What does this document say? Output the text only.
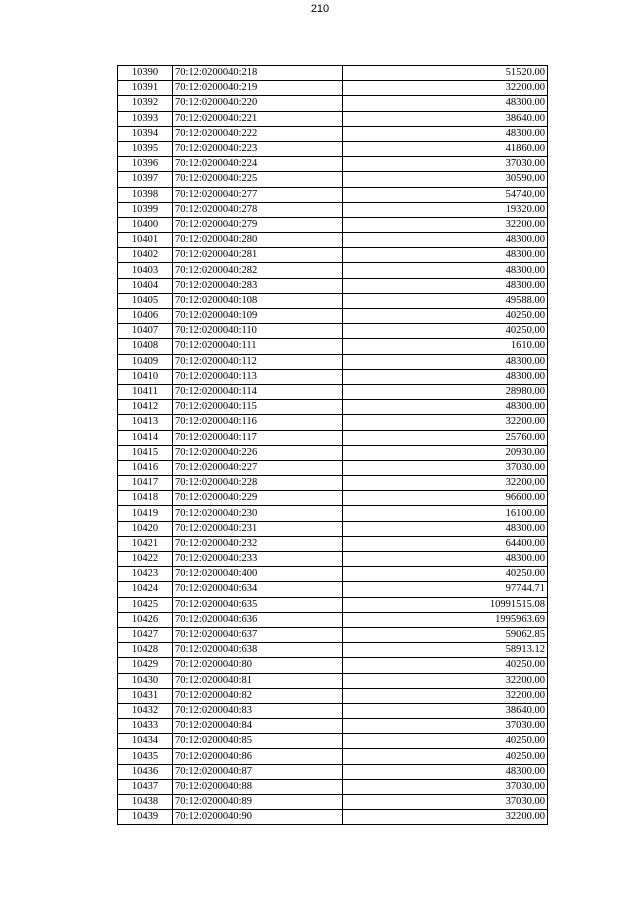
210
10390	70:12:0200040:218	51520.00
10391	70:12:0200040:219	32200.00
10392	70:12:0200040:220	48300.00
10393	70:12:0200040:221	38640.00
10394	70:12:0200040:222	48300.00
10395	70:12:0200040:223	41860.00
10396	70:12:0200040:224	37030.00
10397	70:12:0200040:225	30590.00
10398	70:12:0200040:277	54740.00
10399	70:12:0200040:278	19320.00
10400	70:12:0200040:279	32200.00
10401	70:12:0200040:280	48300.00
10402	70:12:0200040:281	48300.00
10403	70:12:0200040:282	48300.00
10404	70:12:0200040:283	48300.00
10405	70:12:0200040:108	49588.00
10406	70:12:0200040:109	40250.00
10407	70:12:0200040:110	40250.00
10408	70:12:0200040:111	1610.00
10409	70:12:0200040:112	48300.00
10410	70:12:0200040:113	48300.00
10411	70:12:0200040:114	28980.00
10412	70:12:0200040:115	48300.00
10413	70:12:0200040:116	32200.00
10414	70:12:0200040:117	25760.00
10415	70:12:0200040:226	20930.00
10416	70:12:0200040:227	37030.00
10417	70:12:0200040:228	32200.00
10418	70:12:0200040:229	96600.00
10419	70:12:0200040:230	16100.00
10420	70:12:0200040:231	48300.00
10421	70:12:0200040:232	64400.00
10422	70:12:0200040:233	48300.00
10423	70:12:0200040:400	40250.00
10424	70:12:0200040:634	97744.71
10425	70:12:0200040:635	10991515.08
10426	70:12:0200040:636	1995963.69
10427	70:12:0200040:637	59062.85
10428	70:12:0200040:638	58913.12
10429	70:12:0200040:80	40250.00
10430	70:12:0200040:81	32200.00
10431	70:12:0200040:82	32200.00
10432	70:12:0200040:83	38640.00
10433	70:12:0200040:84	37030.00
10434	70:12:0200040:85	40250.00
10435	70:12:0200040:86	40250.00
10436	70:12:0200040:87	48300.00
10437	70:12:0200040:88	37030.00
10438	70:12:0200040:89	37030.00
10439	70:12:0200040:90	32200.00
